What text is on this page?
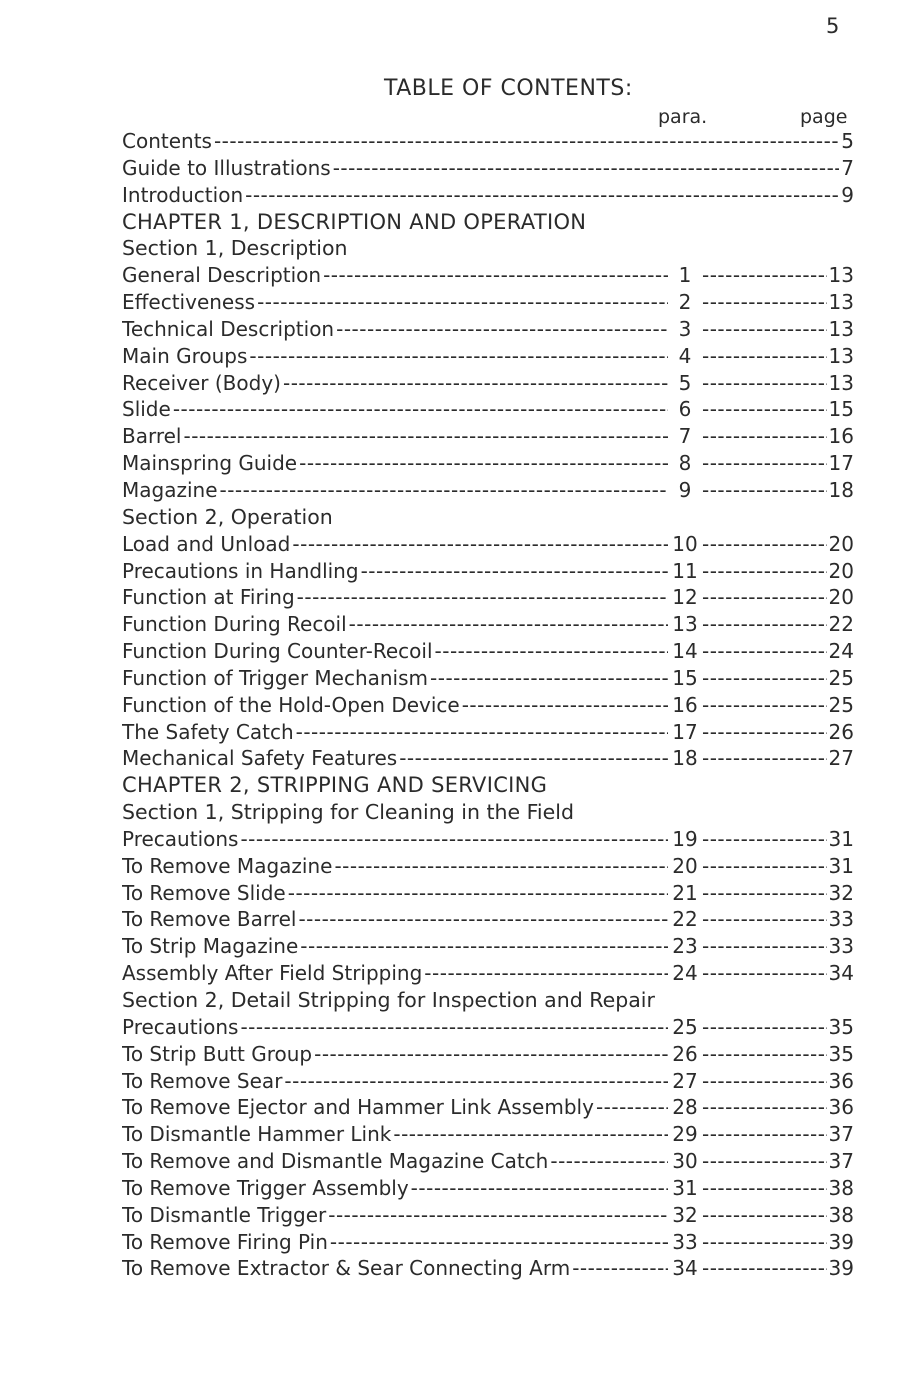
5
TABLE OF CONTENTS:
para.	page
Contents -----	5
Guide to Illustrations -----	7
Introduction -----	9
CHAPTER 1, DESCRIPTION AND OPERATION
Section 1, Description
General Description -----	1 -----	13
Effectiveness -----	2 -----	13
Technical Description -----	3 -----	13
Main Groups -----	4 -----	13
Receiver (Body) -----	5 -----	13
Slide -----	6 -----	15
Barrel -----	7 -----	16
Mainspring Guide -----	8 -----	17
Magazine -----	9 -----	18
Section 2, Operation
Load and Unload -----	10 -----	20
Precautions in Handling -----	11 -----	20
Function at Firing -----	12 -----	20
Function During Recoil -----	13 -----	22
Function During Counter-Recoil -----	14 -----	24
Function of Trigger Mechanism -----	15 -----	25
Function of the Hold-Open Device -----	16 -----	25
The Safety Catch -----	17 -----	26
Mechanical Safety Features -----	18 -----	27
CHAPTER 2, STRIPPING AND SERVICING
Section 1, Stripping for Cleaning in the Field
Precautions -----	19 -----	31
To Remove Magazine -----	20 -----	31
To Remove Slide -----	21 -----	32
To Remove Barrel -----	22 -----	33
To Strip Magazine -----	23 -----	33
Assembly After Field Stripping -----	24 -----	34
Section 2, Detail Stripping for Inspection and Repair
Precautions -----	25 -----	35
To Strip Butt Group -----	26 -----	35
To Remove Sear -----	27 -----	36
To Remove Ejector and Hammer Link Assembly -----	28 -----	36
To Dismantle Hammer Link -----	29 -----	37
To Remove and Dismantle Magazine Catch -----	30 -----	37
To Remove Trigger Assembly -----	31 -----	38
To Dismantle Trigger -----	32 -----	38
To Remove Firing Pin -----	33 -----	39
To Remove Extractor & Sear Connecting Arm -----	34 -----	39
